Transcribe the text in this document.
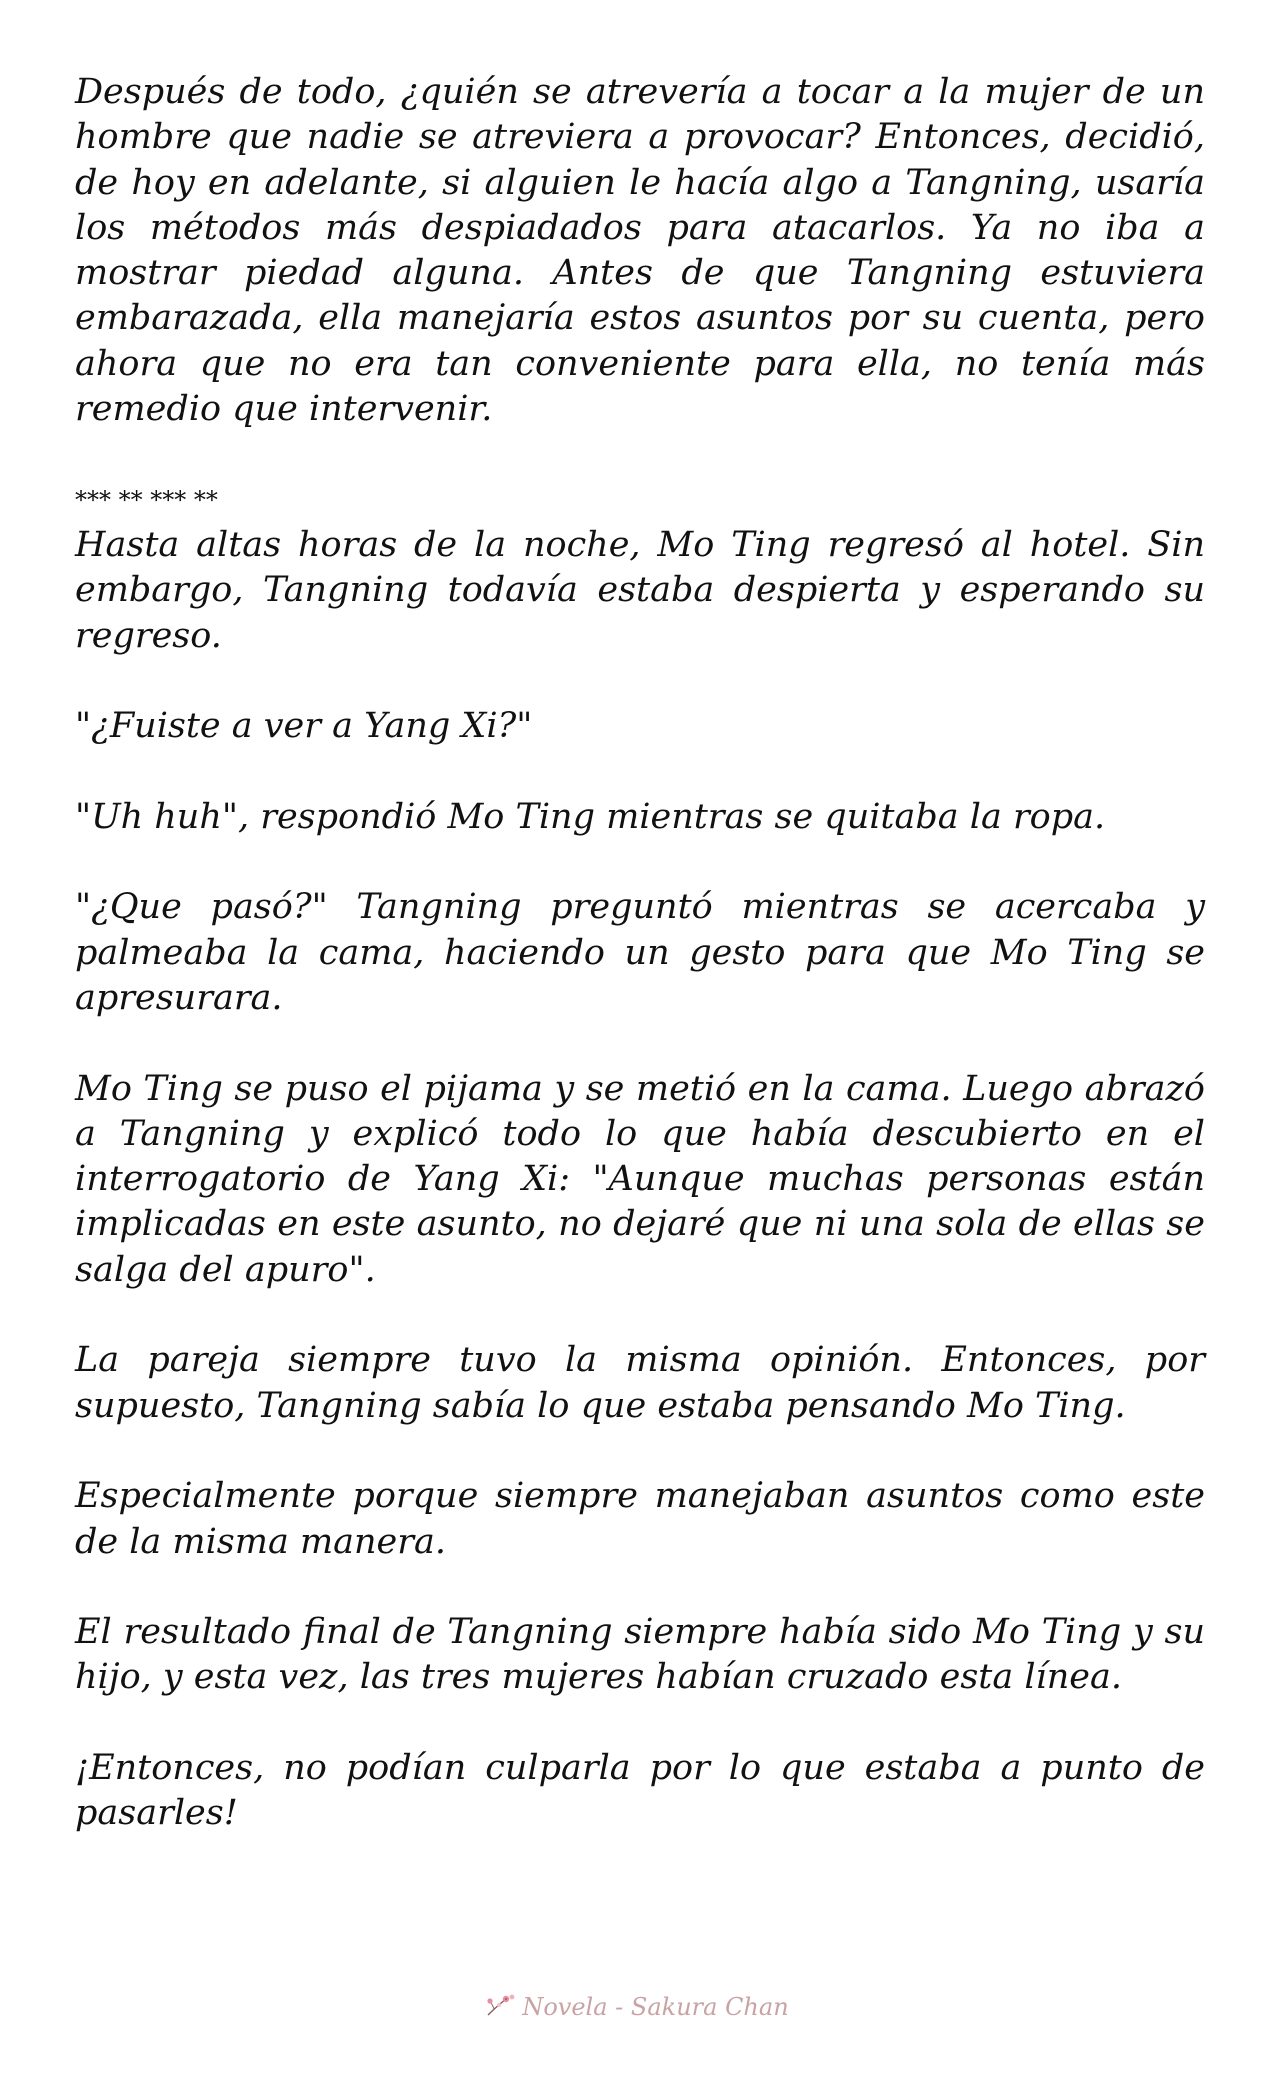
Después de todo, ¿quién se atrevería a tocar a la mujer de un hombre que nadie se atreviera a provocar? Entonces, decidió, de hoy en adelante, si alguien le hacía algo a Tangning, usaría los métodos más despiadados para atacarlos. Ya no iba a mostrar piedad alguna. Antes de que Tangning estuviera embarazada, ella manejaría estos asuntos por su cuenta, pero ahora que no era tan conveniente para ella, no tenía más remedio que intervenir.

*** ** *** **

Hasta altas horas de la noche, Mo Ting regresó al hotel. Sin embargo, Tangning todavía estaba despierta y esperando su regreso.

"¿Fuiste a ver a Yang Xi?"

"Uh huh", respondió Mo Ting mientras se quitaba la ropa.

"¿Que pasó?" Tangning preguntó mientras se acercaba y palmeaba la cama, haciendo un gesto para que Mo Ting se apresurara.

Mo Ting se puso el pijama y se metió en la cama. Luego abrazó a Tangning y explicó todo lo que había descubierto en el interrogatorio de Yang Xi: "Aunque muchas personas están implicadas en este asunto, no dejaré que ni una sola de ellas se salga del apuro".

La pareja siempre tuvo la misma opinión. Entonces, por supuesto, Tangning sabía lo que estaba pensando Mo Ting.

Especialmente porque siempre manejaban asuntos como este de la misma manera.

El resultado final de Tangning siempre había sido Mo Ting y su hijo, y esta vez, las tres mujeres habían cruzado esta línea.

¡Entonces, no podían culparla por lo que estaba a punto de pasarles!

Novela - Sakura Chan
